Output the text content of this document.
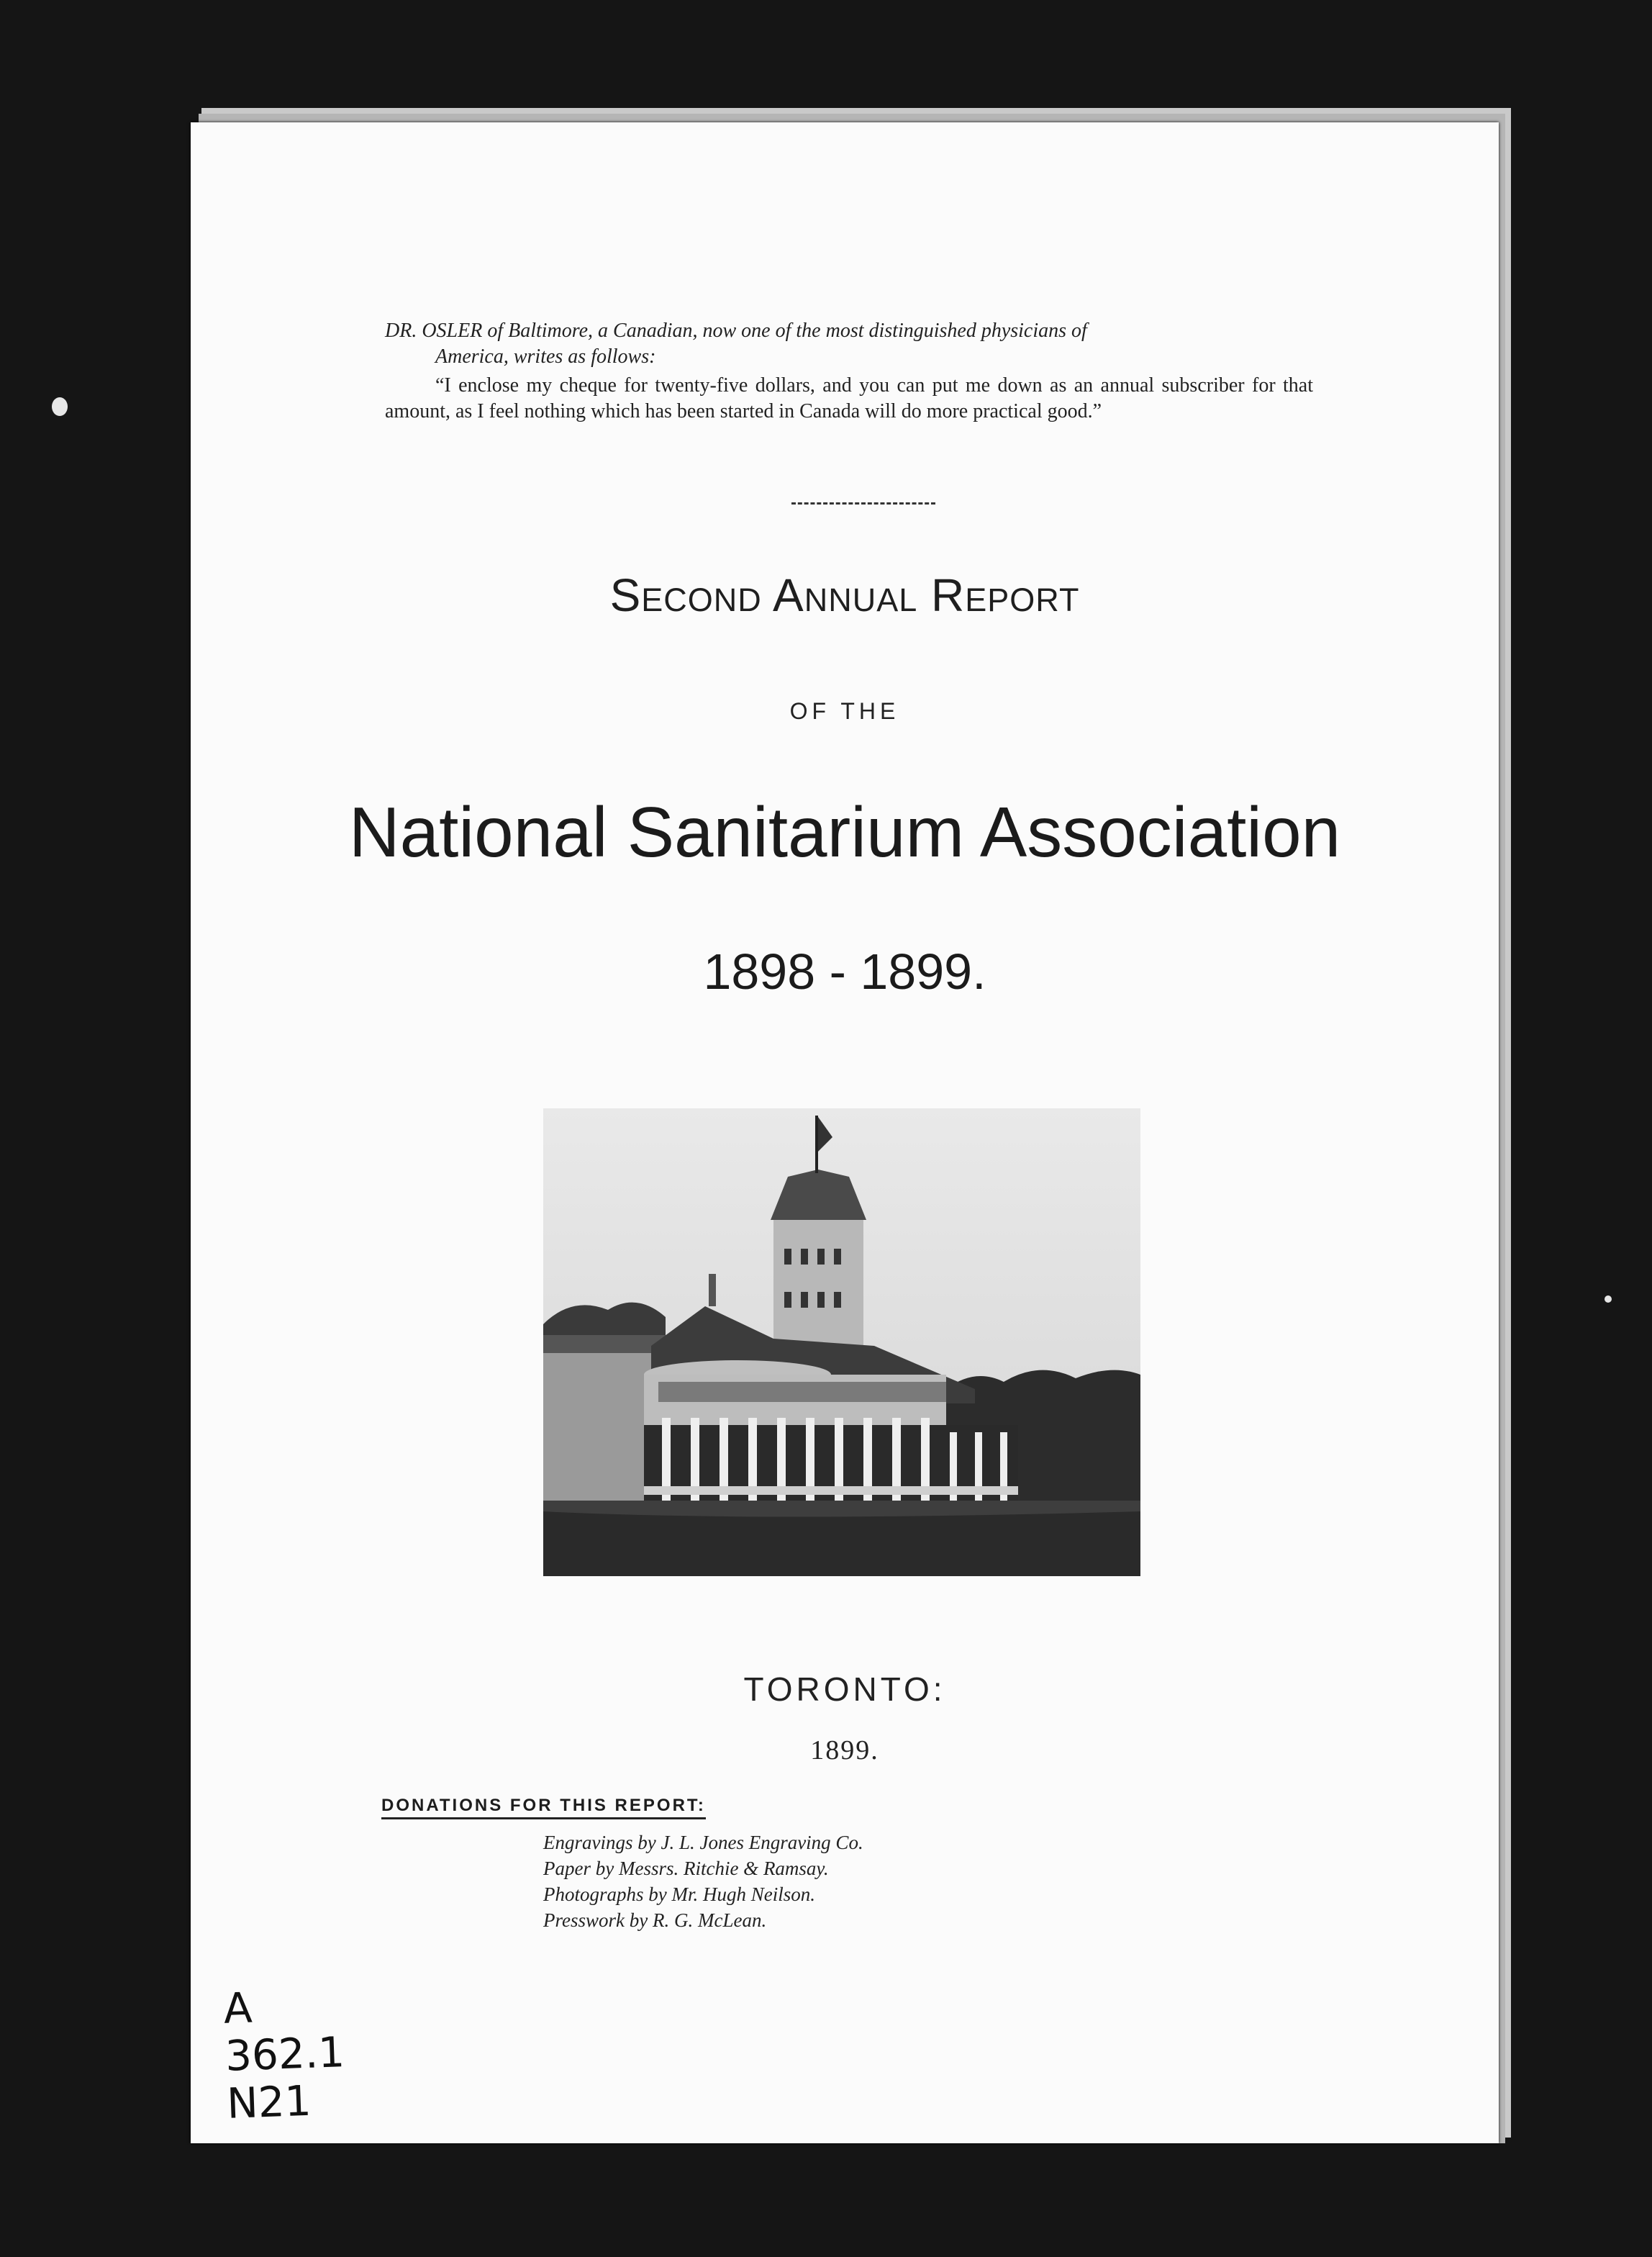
DR. OSLER of Baltimore, a Canadian, now one of the most distinguished physicians of
America, writes as follows:
“I enclose my cheque for twenty-five dollars, and you can put me down as an annual subscriber for that amount, as I feel nothing which has been started in Canada will do more practical good.”
Second Annual Report
OF THE
National Sanitarium Association
1898 - 1899.
TORONTO:
1899.
DONATIONS FOR THIS REPORT:
Engravings by J. L. Jones Engraving Co.
Paper by Messrs. Ritchie & Ramsay.
Photographs by Mr. Hugh Neilson.
Presswork by R. G. McLean.
A
362.1
N21
